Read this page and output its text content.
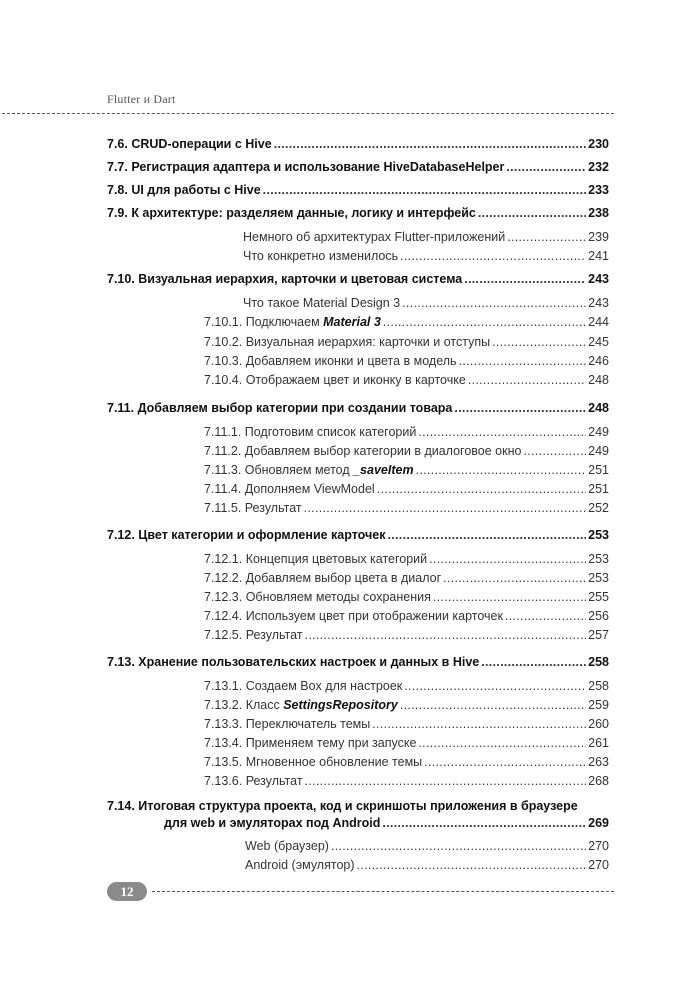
Flutter и Dart
7.6. CRUD-операции с Hive .....	230
7.7. Регистрация адаптера и использование HiveDatabaseHelper .....	232
7.8. UI для работы с Hive .....	233
7.9. К архитектуре: разделяем данные, логику и интерфейс .....	238
Немного об архитектурах Flutter-приложений .....	239
Что конкретно изменилось .....	241
7.10. Визуальная иерархия, карточки и цветовая система .....	243
Что такое Material Design 3 .....	243
7.10.1. Подключаем Material 3 .....	244
7.10.2. Визуальная иерархия: карточки и отступы .....	245
7.10.3. Добавляем иконки и цвета в модель .....	246
7.10.4. Отображаем цвет и иконку в карточке .....	248
7.11. Добавляем выбор категории при создании товара .....	248
7.11.1. Подготовим список категорий .....	249
7.11.2. Добавляем выбор категории в диалоговое окно .....	249
7.11.3. Обновляем метод _saveItem .....	251
7.11.4. Дополняем ViewModel .....	251
7.11.5. Результат .....	252
7.12. Цвет категории и оформление карточек .....	253
7.12.1. Концепция цветовых категорий .....	253
7.12.2. Добавляем выбор цвета в диалог .....	253
7.12.3. Обновляем методы сохранения .....	255
7.12.4. Используем цвет при отображении карточек .....	256
7.12.5. Результат .....	257
7.13. Хранение пользовательских настроек и данных в Hive .....	258
7.13.1. Создаем Box для настроек .....	258
7.13.2. Класс SettingsRepository .....	259
7.13.3. Переключатель темы .....	260
7.13.4. Применяем тему при запуске .....	261
7.13.5. Мгновенное обновление темы .....	263
7.13.6. Результат .....	268
7.14. Итоговая структура проекта, код и скриншоты приложения в браузере
для web и эмуляторах под Android .....	269
Web (браузер) .....	270
Android (эмулятор) .....	270
12
